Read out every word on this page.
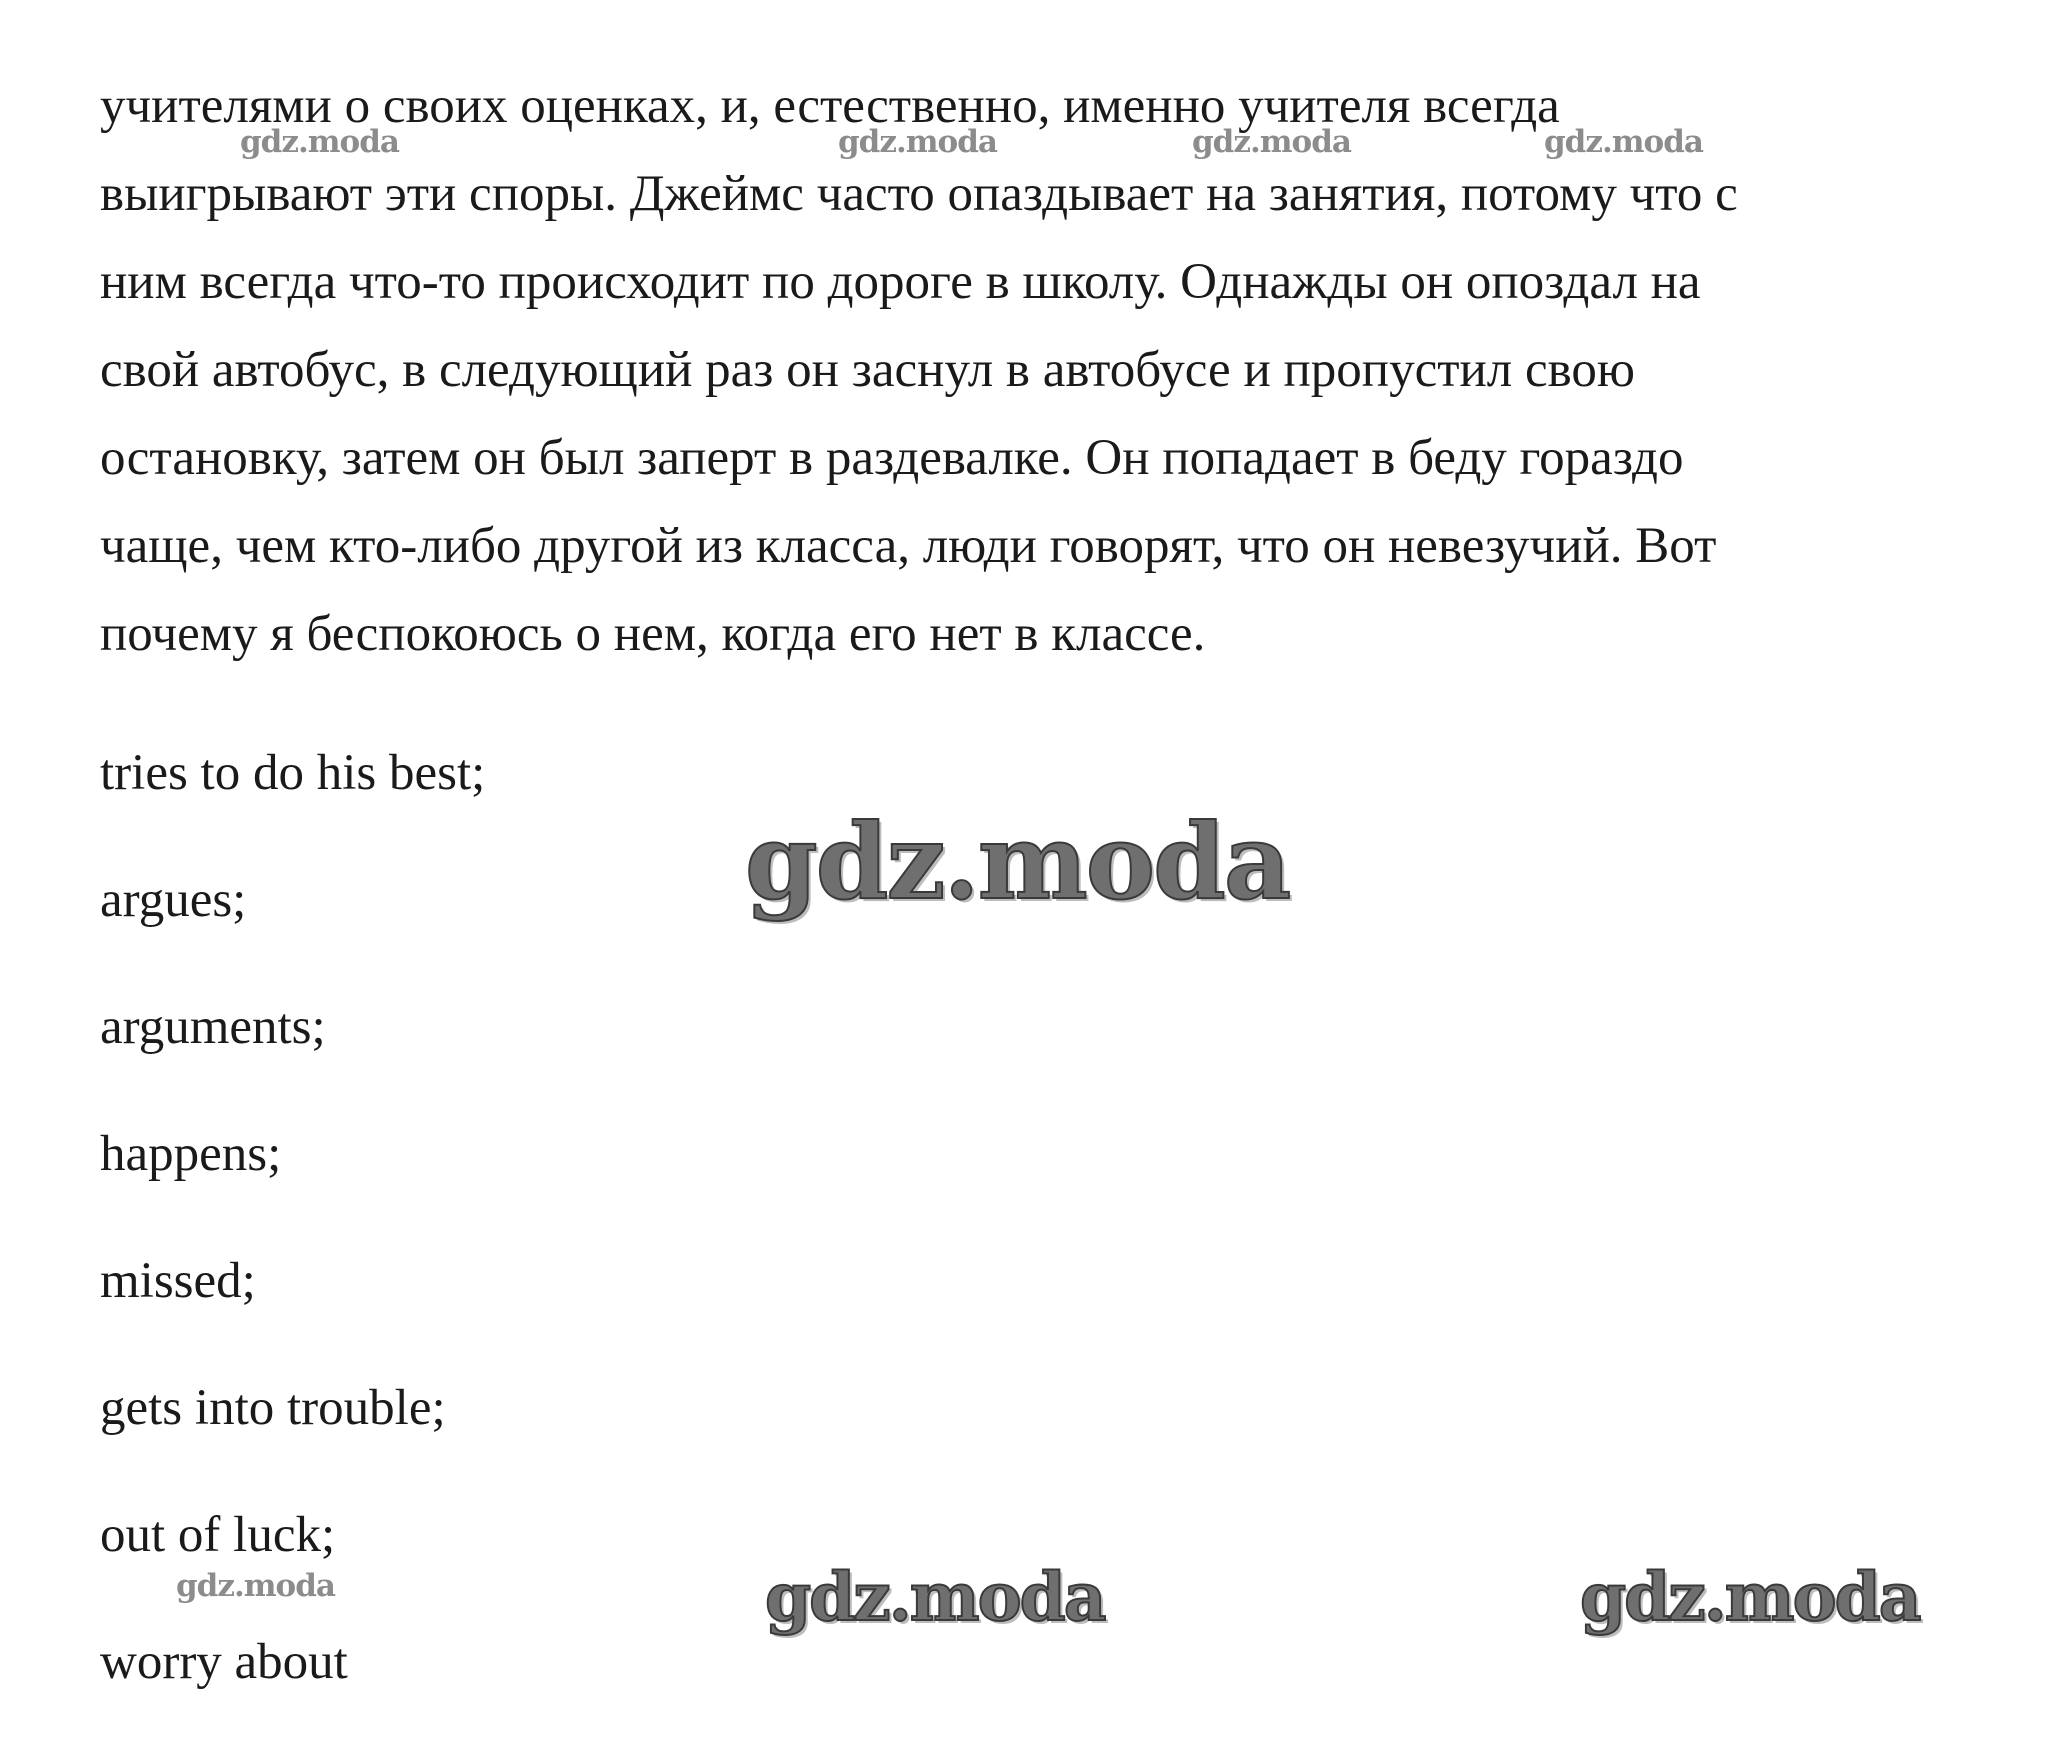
учителями о своих оценках, и, естественно, именно учителя всегда
выигрывают эти споры. Джеймс часто опаздывает на занятия, потому что с
ним всегда что-то происходит по дороге в школу. Однажды он опоздал на
свой автобус, в следующий раз он заснул в автобусе и пропустил свою
остановку, затем он был заперт в раздевалке. Он попадает в беду гораздо
чаще, чем кто-либо другой из класса, люди говорят, что он невезучий. Вот
почему я беспокоюсь о нем, когда его нет в классе.
tries to do his best;
argues;
arguments;
happens;
missed;
gets into trouble;
out of luck;
worry about
gdz.moda	gdz.moda	gdz.moda	gdz.moda
gdz.moda
gdz.moda	gdz.moda	gdz.moda
